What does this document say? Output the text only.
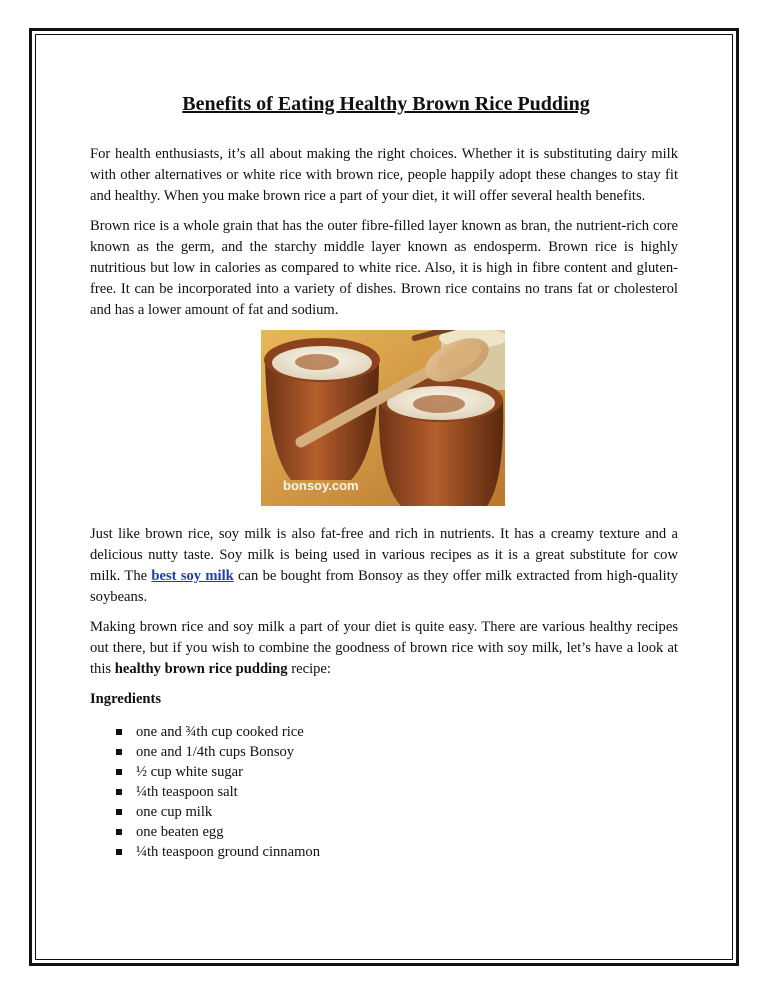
Benefits of Eating Healthy Brown Rice Pudding

For health enthusiasts, it’s all about making the right choices. Whether it is substituting dairy milk with other alternatives or white rice with brown rice, people happily adopt these changes to stay fit and healthy. When you make brown rice a part of your diet, it will offer several health benefits.

Brown rice is a whole grain that has the outer fibre-filled layer known as bran, the nutrient-rich core known as the germ, and the starchy middle layer known as endosperm. Brown rice is highly nutritious but low in calories as compared to white rice. Also, it is high in fibre content and gluten-free. It can be incorporated into a variety of dishes. Brown rice contains no trans fat or cholesterol and has a lower amount of fat and sodium.

bonsoy.com

Just like brown rice, soy milk is also fat-free and rich in nutrients. It has a creamy texture and a delicious nutty taste. Soy milk is being used in various recipes as it is a great substitute for cow milk. The best soy milk can be bought from Bonsoy as they offer milk extracted from high-quality soybeans.

Making brown rice and soy milk a part of your diet is quite easy. There are various healthy recipes out there, but if you wish to combine the goodness of brown rice with soy milk, let’s have a look at this healthy brown rice pudding recipe:

Ingredients
one and ¾th cup cooked rice
one and 1/4th cups Bonsoy
½ cup white sugar
¼th teaspoon salt
one cup milk
one beaten egg
¼th teaspoon ground cinnamon
